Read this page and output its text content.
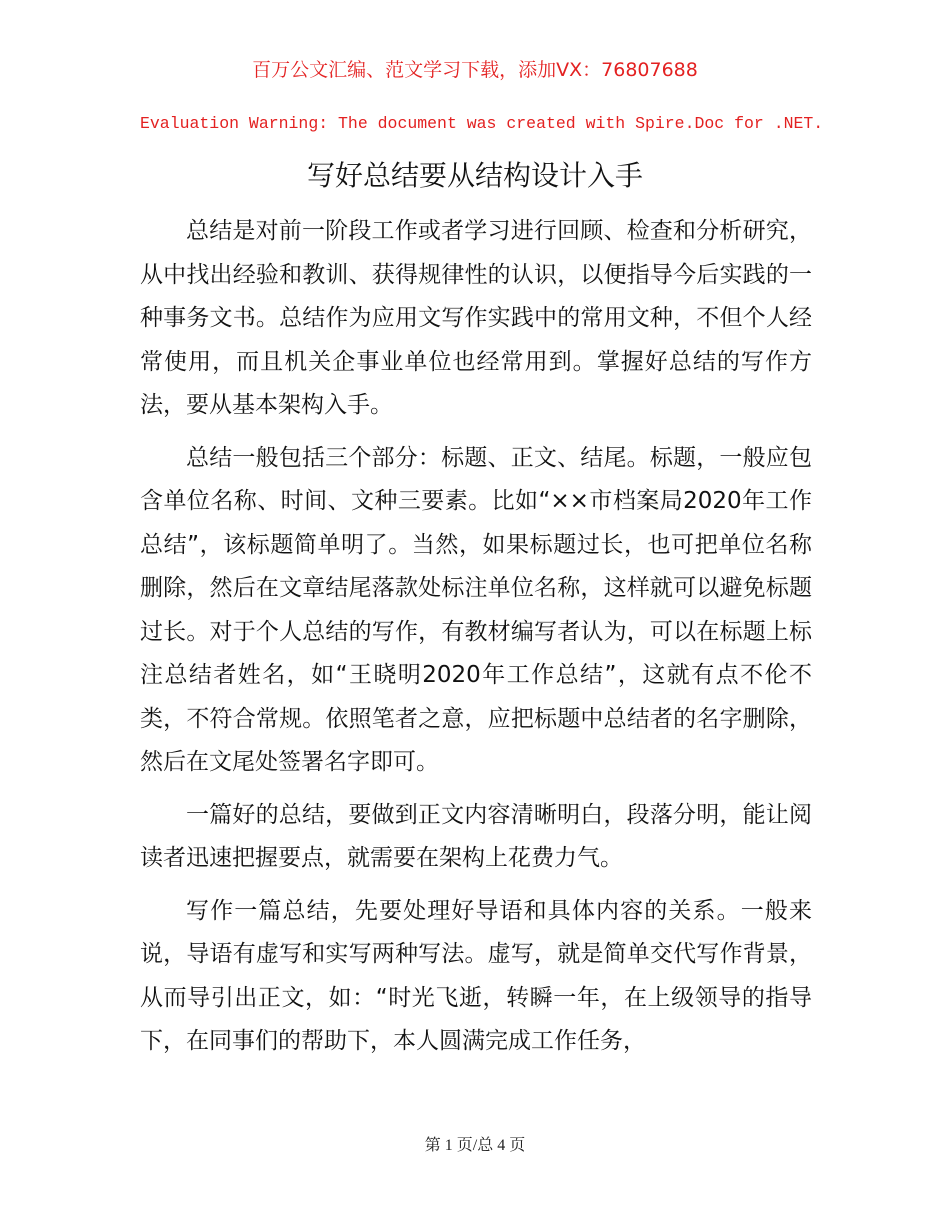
百万公文汇编、范文学习下载，添加VX：76807688
Evaluation Warning: The document was created with Spire.Doc for .NET.
写好总结要从结构设计入手

总结是对前一阶段工作或者学习进行回顾、检查和分析研究，从中找出经验和教训、获得规律性的认识，以便指导今后实践的一种事务文书。总结作为应用文写作实践中的常用文种，不但个人经常使用，而且机关企事业单位也经常用到。掌握好总结的写作方法，要从基本架构入手。

总结一般包括三个部分：标题、正文、结尾。标题，一般应包含单位名称、时间、文种三要素。比如“××市档案局2020年工作总结”，该标题简单明了。当然，如果标题过长，也可把单位名称删除，然后在文章结尾落款处标注单位名称，这样就可以避免标题过长。对于个人总结的写作，有教材编写者认为，可以在标题上标注总结者姓名，如“王晓明2020年工作总结”，这就有点不伦不类，不符合常规。依照笔者之意，应把标题中总结者的名字删除，然后在文尾处签署名字即可。

一篇好的总结，要做到正文内容清晰明白，段落分明，能让阅读者迅速把握要点，就需要在架构上花费力气。

写作一篇总结，先要处理好导语和具体内容的关系。一般来说，导语有虚写和实写两种写法。虚写，就是简单交代写作背景，从而导引出正文，如：“时光飞逝，转瞬一年，在上级领导的指导下，在同事们的帮助下，本人圆满完成工作任务，

第 1 页/总 4 页
